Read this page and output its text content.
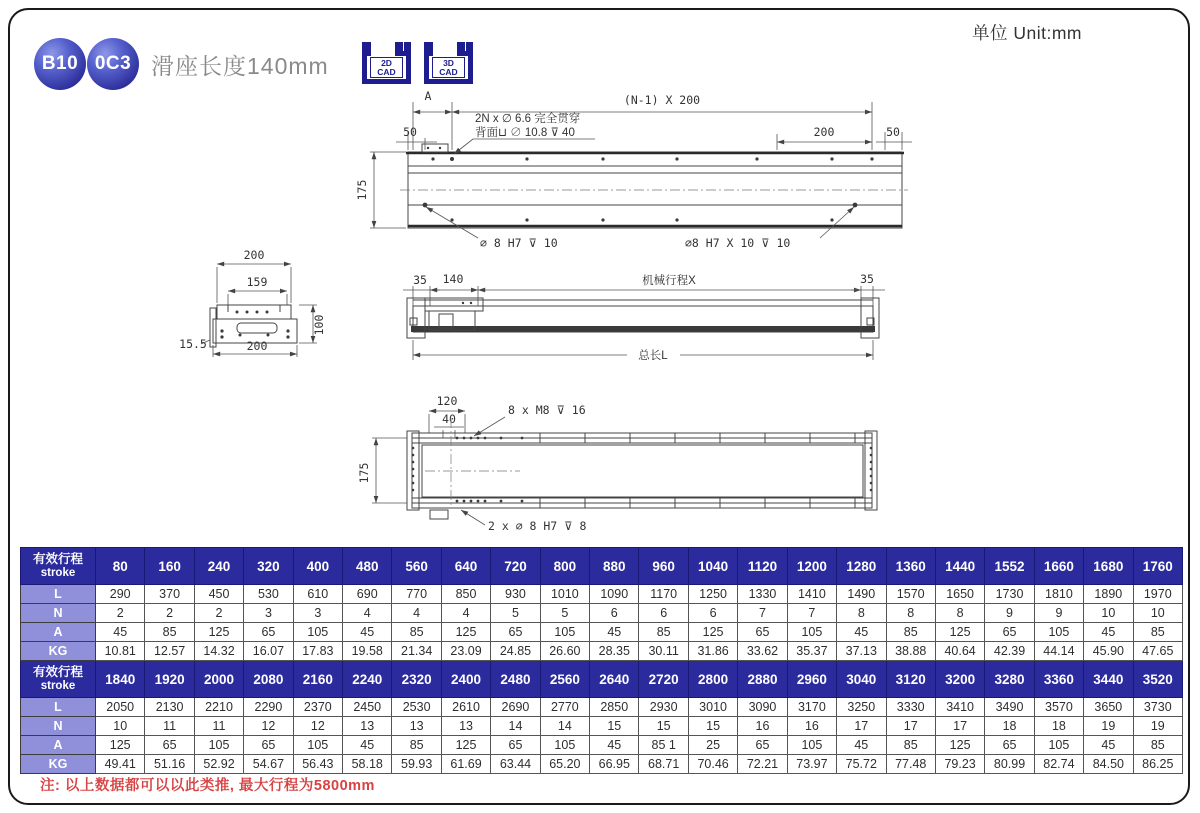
单位 Unit:mm
B10 0C3 滑座长度140mm	2D
CAD
3D
CAD
A	(N-1) X 200
50	200	50
175
2N x ∅ 6.6 完全贯穿
背面⊔ ∅ 10.8 ⊽ 40
∅ 8 H7 ⊽ 10	∅8 H7 X 10 ⊽ 10
200
159
100
15.5	200
35 140	机械行程X	35
总长L
120
40
8 x M8 ⊽ 16
175
2 x ∅ 8 H7 ⊽ 8
有效行程
stroke	80	160	240	320	400	480	560	640	720	800	880	960	1040	1120	1200	1280	1360	1440	1552	1660	1680	1760
L	290	370	450	530	610	690	770	850	930	1010	1090	1170	1250	1330	1410	1490	1570	1650	1730	1810	1890	1970
N	2	2	2	3	3	4	4	4	5	5	6	6	6	7	7	8	8	8	9	9	10	10
A	45	85	125	65	105	45	85	125	65	105	45	85	125	65	105	45	85	125	65	105	45	85
KG	10.81	12.57	14.32	16.07	17.83	19.58	21.34	23.09	24.85	26.60	28.35	30.11	31.86	33.62	35.37	37.13	38.88	40.64	42.39	44.14	45.90	47.65

有效行程
stroke	1840	1920	2000	2080	2160	2240	2320	2400	2480	2560	2640	2720	2800	2880	2960	3040	3120	3200	3280	3360	3440	3520
L	2050	2130	2210	2290	2370	2450	2530	2610	2690	2770	2850	2930	3010	3090	3170	3250	3330	3410	3490	3570	3650	3730
N	10	11	11	12	12	13	13	13	14	14	15	15	15	16	16	17	17	17	18	18	19	19
A	125	65	105	65	105	45	85	125	65	105	45	85 1	25	65	105	45	85	125	65	105	45	85
KG	49.41	51.16	52.92	54.67	56.43	58.18	59.93	61.69	63.44	65.20	66.95	68.71	70.46	72.21	73.97	75.72	77.48	79.23	80.99	82.74	84.50	86.25
注: 以上数据都可以以此类推, 最大行程为5800mm
